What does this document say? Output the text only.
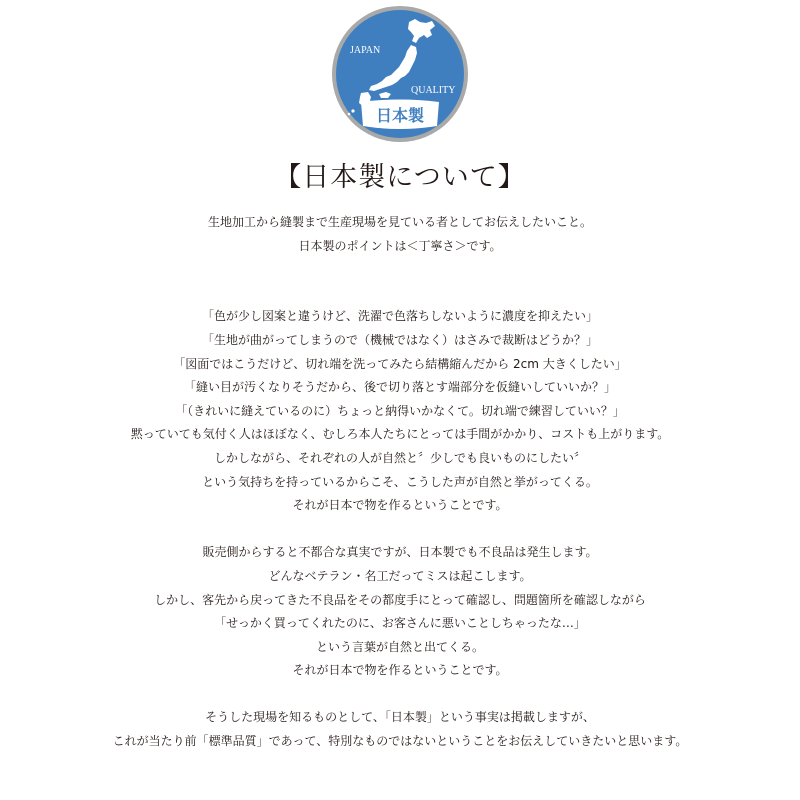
JAPAN
QUALITY
日本製
【日本製について】
生地加工から縫製まで生産現場を見ている者としてお伝えしたいこと。
日本製のポイントは＜丁寧さ＞です。
「色が少し図案と違うけど、洗濯で色落ちしないように濃度を抑えたい」
「生地が曲がってしまうので（機械ではなく）はさみで裁断はどうか？」
「図面ではこうだけど、切れ端を洗ってみたら結構縮んだから 2cm 大きくしたい」
「縫い目が汚くなりそうだから、後で切り落とす端部分を仮縫いしていいか？」
「（きれいに縫えているのに）ちょっと納得いかなくて。切れ端で練習していい？」
黙っていても気付く人はほぼなく、むしろ本人たちにとっては手間がかかり、コストも上がります。
しかしながら、それぞれの人が自然と〞少しでも良いものにしたい〞
という気持ちを持っているからこそ、こうした声が自然と挙がってくる。
それが日本で物を作るということです。
販売側からすると不都合な真実ですが、日本製でも不良品は発生します。
どんなベテラン・名工だってミスは起こします。
しかし、客先から戻ってきた不良品をその都度手にとって確認し、問題箇所を確認しながら
「せっかく買ってくれたのに、お客さんに悪いことしちゃったな…」
という言葉が自然と出てくる。
それが日本で物を作るということです。
そうした現場を知るものとして、「日本製」という事実は掲載しますが、
これが当たり前「標準品質」であって、特別なものではないということをお伝えしていきたいと思います。
